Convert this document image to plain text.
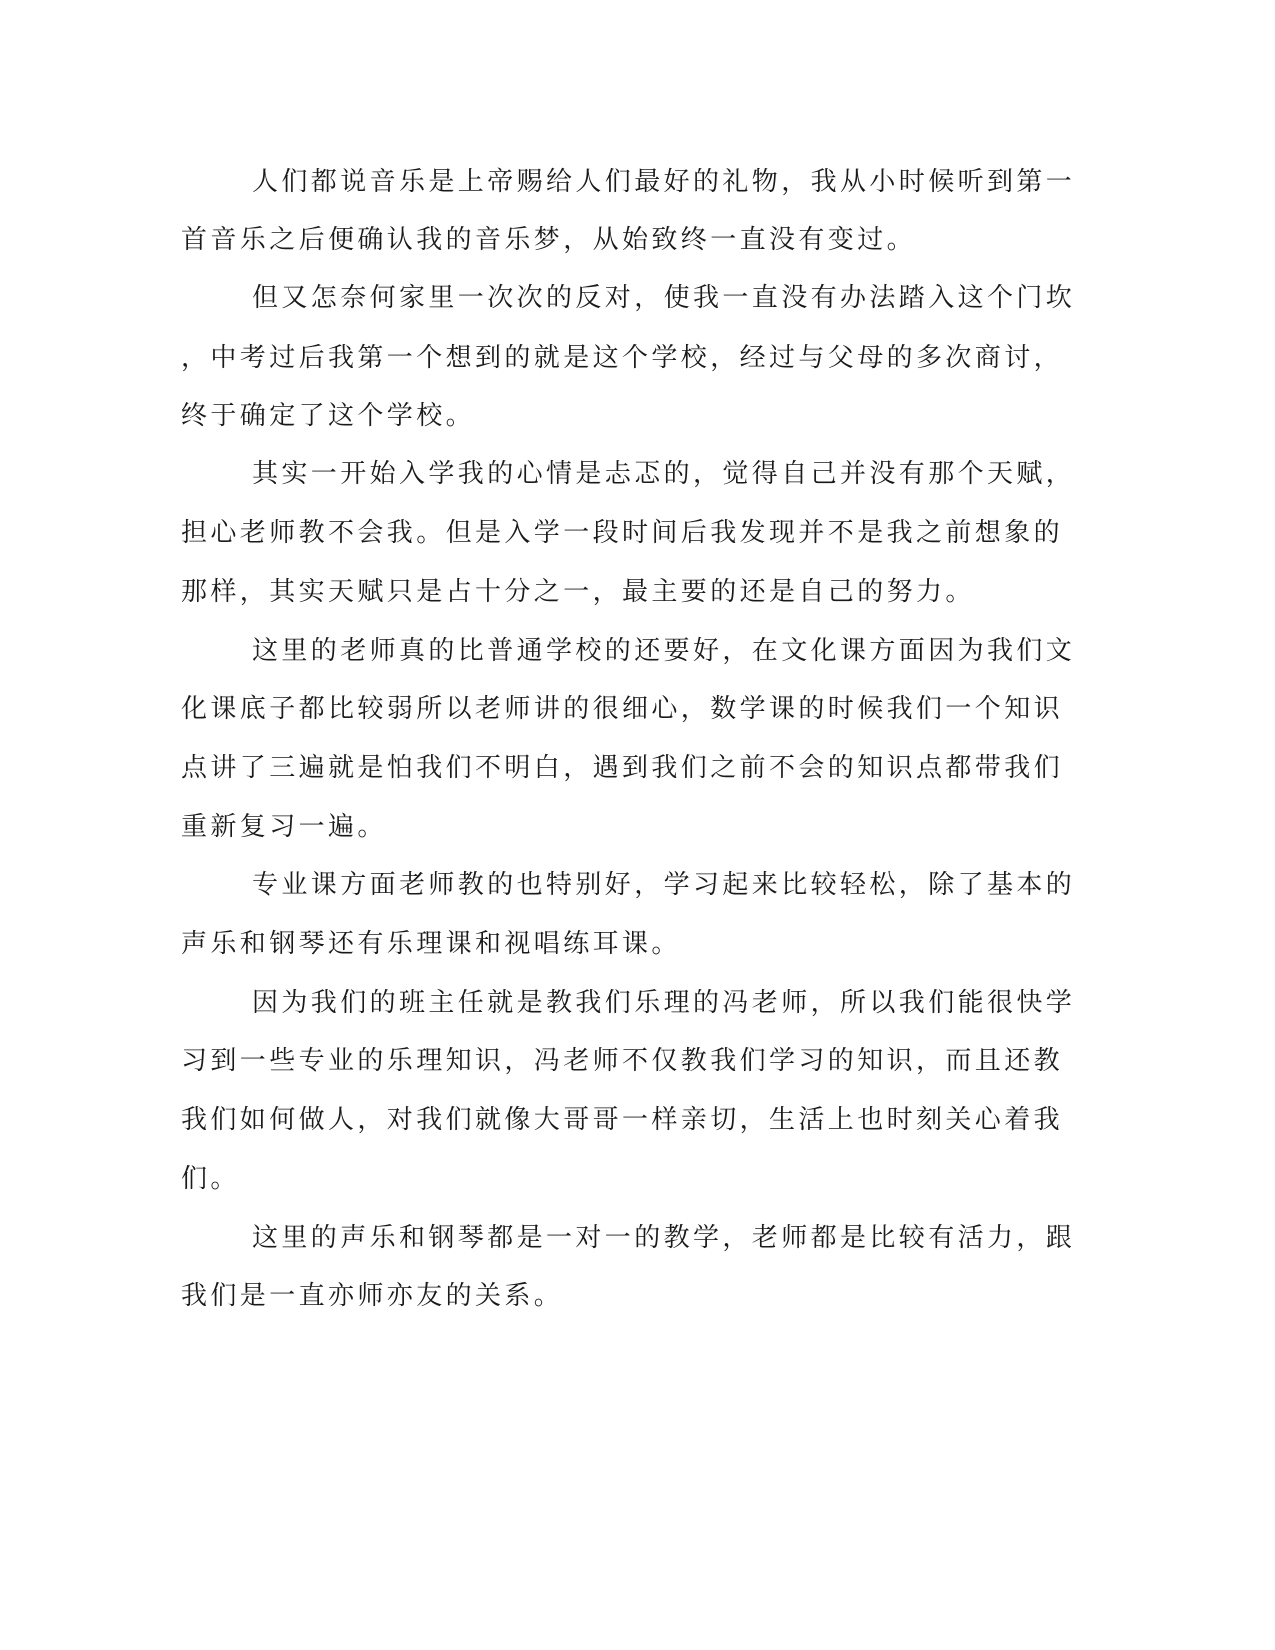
人们都说音乐是上帝赐给人们最好的礼物，我从小时候听到第一

首音乐之后便确认我的音乐梦，从始致终一直没有变过。

但又怎奈何家里一次次的反对，使我一直没有办法踏入这个门坎

，中考过后我第一个想到的就是这个学校，经过与父母的多次商讨，

终于确定了这个学校。

其实一开始入学我的心情是忐忑的，觉得自己并没有那个天赋，

担心老师教不会我。但是入学一段时间后我发现并不是我之前想象的

那样，其实天赋只是占十分之一，最主要的还是自己的努力。

这里的老师真的比普通学校的还要好，在文化课方面因为我们文

化课底子都比较弱所以老师讲的很细心，数学课的时候我们一个知识

点讲了三遍就是怕我们不明白，遇到我们之前不会的知识点都带我们

重新复习一遍。

专业课方面老师教的也特别好，学习起来比较轻松，除了基本的

声乐和钢琴还有乐理课和视唱练耳课。

因为我们的班主任就是教我们乐理的冯老师，所以我们能很快学

习到一些专业的乐理知识，冯老师不仅教我们学习的知识，而且还教

我们如何做人，对我们就像大哥哥一样亲切，生活上也时刻关心着我

们。

这里的声乐和钢琴都是一对一的教学，老师都是比较有活力，跟

我们是一直亦师亦友的关系。
